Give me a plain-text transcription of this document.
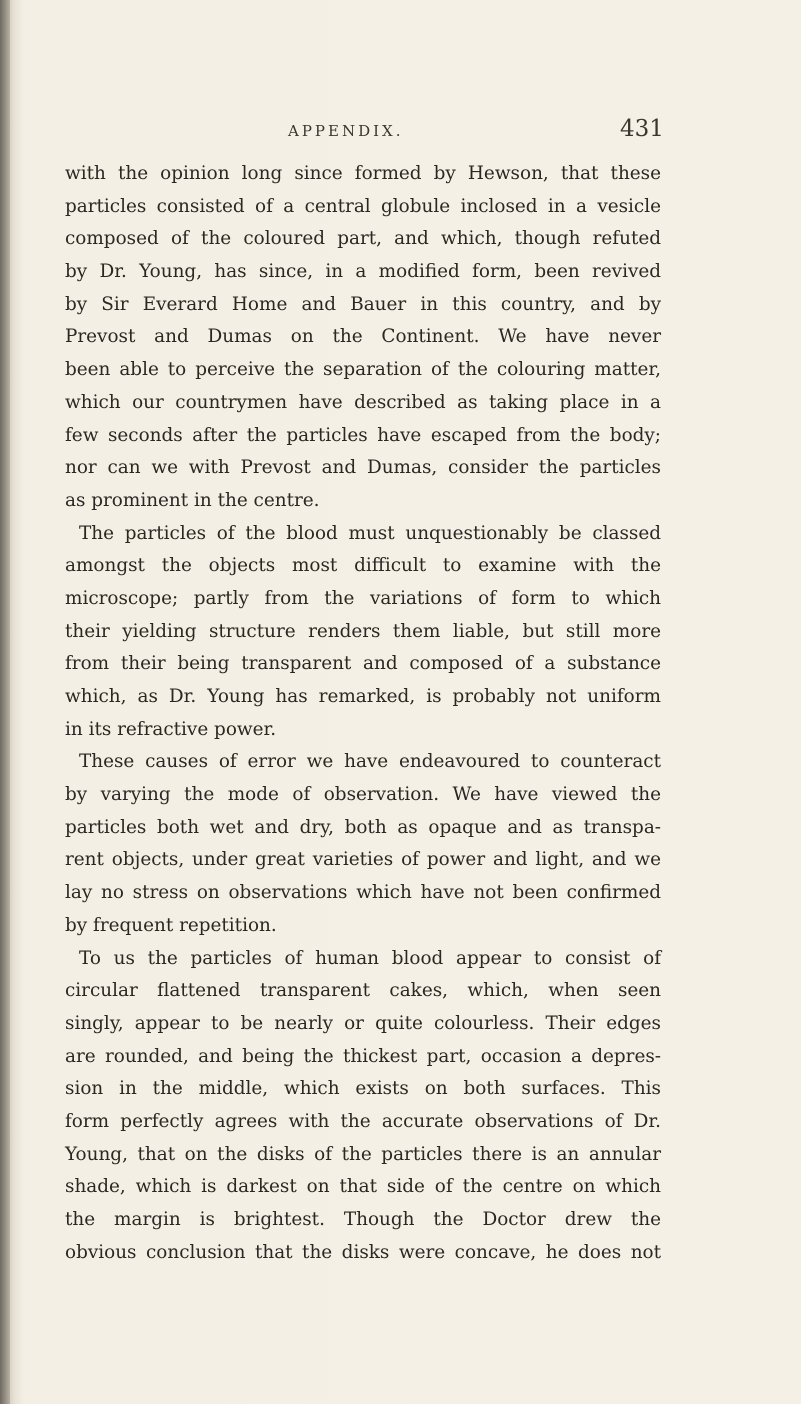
APPENDIX.	431
with the opinion long since formed by Hewson, that these
particles consisted of a central globule inclosed in a vesicle
composed of the coloured part, and which, though refuted
by Dr. Young, has since, in a modified form, been revived
by Sir Everard Home and Bauer in this country, and by
Prevost and Dumas on the Continent. We have never
been able to perceive the separation of the colouring matter,
which our countrymen have described as taking place in a
few seconds after the particles have escaped from the body;
nor can we with Prevost and Dumas, consider the particles
as prominent in the centre.
The particles of the blood must unquestionably be classed
amongst the objects most difficult to examine with the
microscope; partly from the variations of form to which
their yielding structure renders them liable, but still more
from their being transparent and composed of a substance
which, as Dr. Young has remarked, is probably not uniform
in its refractive power.
These causes of error we have endeavoured to counteract
by varying the mode of observation. We have viewed the
particles both wet and dry, both as opaque and as transpa-
rent objects, under great varieties of power and light, and we
lay no stress on observations which have not been confirmed
by frequent repetition.
To us the particles of human blood appear to consist of
circular flattened transparent cakes, which, when seen
singly, appear to be nearly or quite colourless. Their edges
are rounded, and being the thickest part, occasion a depres-
sion in the middle, which exists on both surfaces. This
form perfectly agrees with the accurate observations of Dr.
Young, that on the disks of the particles there is an annular
shade, which is darkest on that side of the centre on which
the margin is brightest. Though the Doctor drew the
obvious conclusion that the disks were concave, he does not
